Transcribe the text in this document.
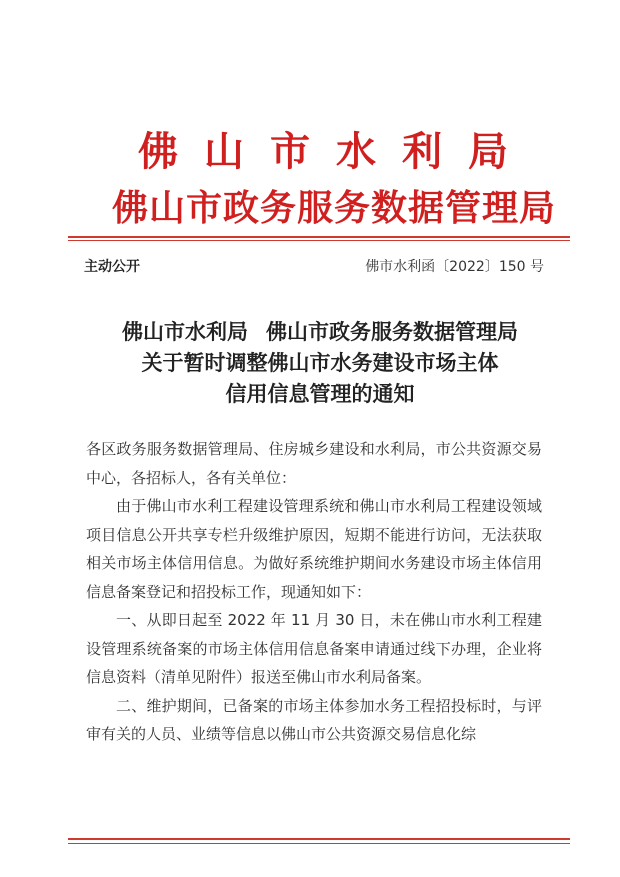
佛山市水利局
佛山市政务服务数据管理局
主动公开	佛市水利函〔2022〕150 号
佛山市水利局 佛山市政务服务数据管理局
关于暂时调整佛山市水务建设市场主体
信用信息管理的通知

各区政务服务数据管理局、住房城乡建设和水利局，市公共资源交易中心，各招标人，各有关单位：

由于佛山市水利工程建设管理系统和佛山市水利局工程建设领域项目信息公开共享专栏升级维护原因，短期不能进行访问，无法获取相关市场主体信用信息。为做好系统维护期间水务建设市场主体信用信息备案登记和招投标工作，现通知如下：

一、从即日起至 2022 年 11 月 30 日，未在佛山市水利工程建设管理系统备案的市场主体信用信息备案申请通过线下办理，企业将信息资料（清单见附件）报送至佛山市水利局备案。

二、维护期间，已备案的市场主体参加水务工程招投标时，与评审有关的人员、业绩等信息以佛山市公共资源交易信息化综
